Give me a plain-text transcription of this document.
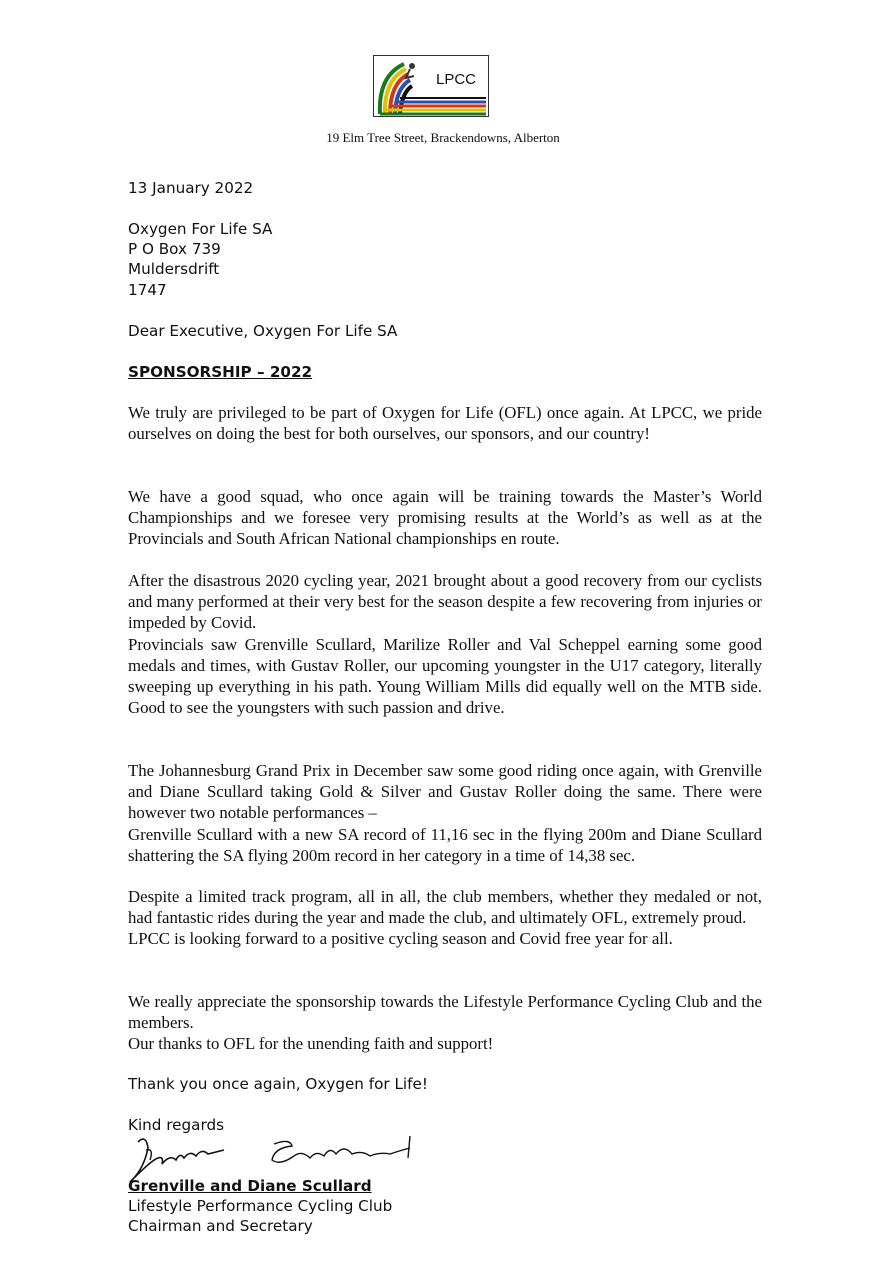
LPCC
19 Elm Tree Street, Brackendowns, Alberton
13 January 2022
Oxygen For Life SA
P O Box 739
Muldersdrift
1747
Dear Executive, Oxygen For Life SA
SPONSORSHIP – 2022

We truly are privileged to be part of Oxygen for Life (OFL) once again. At LPCC, we pride ourselves on doing the best for both ourselves, our sponsors, and our country!

We have a good squad, who once again will be training towards the Master’s World Championships and we foresee very promising results at the World’s as well as at the Provincials and South African National championships en route.

After the disastrous 2020 cycling year, 2021 brought about a good recovery from our cyclists and many performed at their very best for the season despite a few recovering from injuries or impeded by Covid.

Provincials saw Grenville Scullard, Marilize Roller and Val Scheppel earning some good medals and times, with Gustav Roller, our upcoming youngster in the U17 category, literally sweeping up everything in his path. Young William Mills did equally well on the MTB side. Good to see the youngsters with such passion and drive.

The Johannesburg Grand Prix in December saw some good riding once again, with Grenville and Diane Scullard taking Gold & Silver and Gustav Roller doing the same. There were however two notable performances –

Grenville Scullard with a new SA record of 11,16 sec in the flying 200m and Diane Scullard shattering the SA flying 200m record in her category in a time of 14,38 sec.

Despite a limited track program, all in all, the club members, whether they medaled or not, had fantastic rides during the year and made the club, and ultimately OFL, extremely proud.

LPCC is looking forward to a positive cycling season and Covid free year for all.

We really appreciate the sponsorship towards the Lifestyle Performance Cycling Club and the members.

Our thanks to OFL for the unending faith and support!

Thank you once again, Oxygen for Life!
Kind regards
Grenville and Diane Scullard
Lifestyle Performance Cycling Club
Chairman and Secretary
